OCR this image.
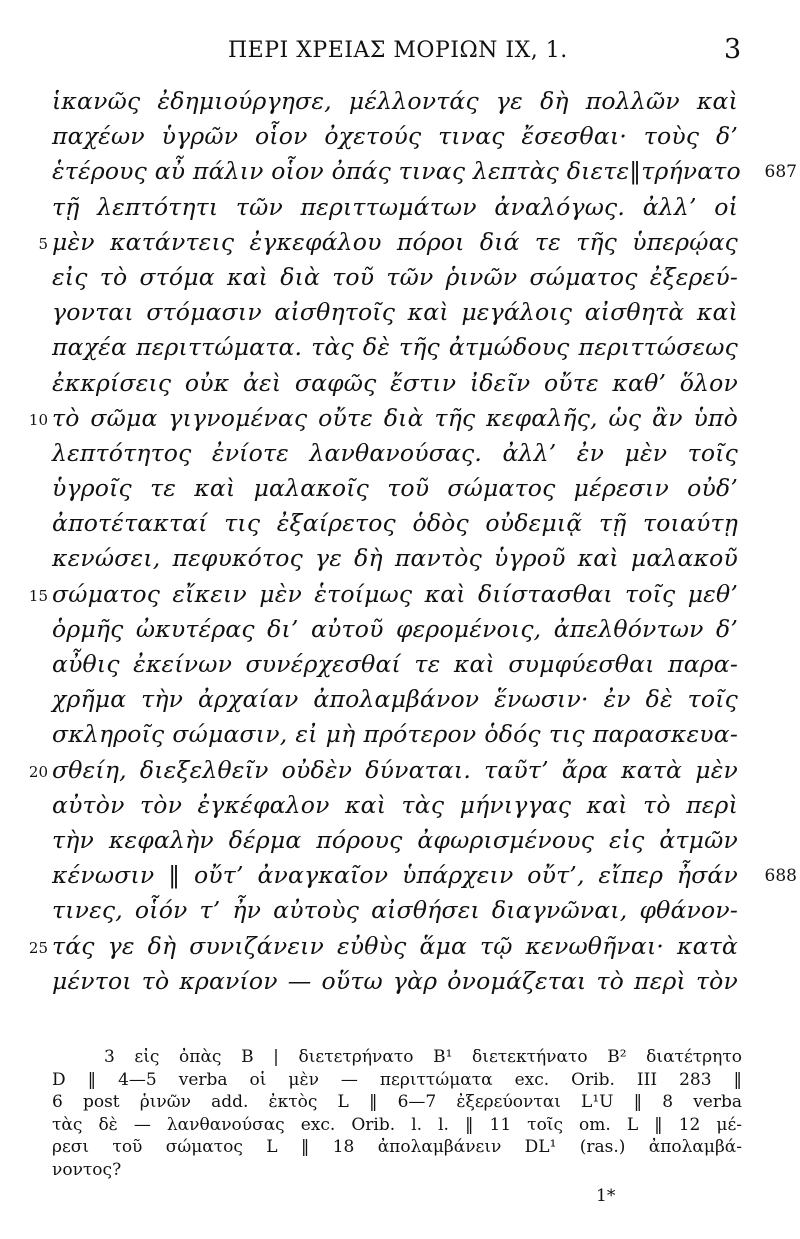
ΠΕΡΙ ΧΡΕΙΑΣ ΜΟΡΙΩΝ IX, 1.	3
ἱκανῶς ἐδημιούργησε, μέλλοντάς γε δὴ πολλῶν καὶ
παχέων ὑγρῶν οἷον ὀχετούς τινας ἔσεσθαι· τοὺς δ’
ἑτέρους αὖ πάλιν οἷον ὀπάς τινας λεπτὰς διετε‖τρήνατο 687
τῇ λεπτότητι τῶν περιττωμάτων ἀναλόγως. ἀλλ’ οἱ
5 μὲν κατάντεις ἐγκεφάλου πόροι διά τε τῆς ὑπερῴας
εἰς τὸ στόμα καὶ διὰ τοῦ τῶν ῥινῶν σώματος ἐξερεύ-
γονται στόμασιν αἰσθητοῖς καὶ μεγάλοις αἰσθητὰ καὶ
παχέα περιττώματα. τὰς δὲ τῆς ἀτμώδους περιττώσεως
ἐκκρίσεις οὐκ ἀεὶ σαφῶς ἔστιν ἰδεῖν οὔτε καθ’ ὅλον
10 τὸ σῶμα γιγνομένας οὔτε διὰ τῆς κεφαλῆς, ὡς ἂν ὑπὸ
λεπτότητος ἐνίοτε λανθανούσας. ἀλλ’ ἐν μὲν τοῖς
ὑγροῖς τε καὶ μαλακοῖς τοῦ σώματος μέρεσιν οὐδ’
ἀποτέτακταί τις ἐξαίρετος ὁδὸς οὐδεμιᾷ τῇ τοιαύτῃ
κενώσει, πεφυκότος γε δὴ παντὸς ὑγροῦ καὶ μαλακοῦ
15 σώματος εἴκειν μὲν ἑτοίμως καὶ διίστασθαι τοῖς μεθ’
ὁρμῆς ὠκυτέρας δι’ αὐτοῦ φερομένοις, ἀπελθόντων δ’
αὖθις ἐκείνων συνέρχεσθαί τε καὶ συμφύεσθαι παρα-
χρῆμα τὴν ἀρχαίαν ἀπολαμβάνον ἕνωσιν· ἐν δὲ τοῖς
σκληροῖς σώμασιν, εἰ μὴ πρότερον ὁδός τις παρασκευα-
20 σθείη, διεξελθεῖν οὐδὲν δύναται. ταῦτ’ ἄρα κατὰ μὲν
αὐτὸν τὸν ἐγκέφαλον καὶ τὰς μήνιγγας καὶ τὸ περὶ
τὴν κεφαλὴν δέρμα πόρους ἀφωρισμένους εἰς ἀτμῶν
κένωσιν ‖ οὔτ’ ἀναγκαῖον ὑπάρχειν οὔτ’, εἴπερ ἦσάν 688
τινες, οἷόν τ’ ἦν αὐτοὺς αἰσθήσει διαγνῶναι, φθάνον-
25 τάς γε δὴ συνιζάνειν εὐθὺς ἅμα τῷ κενωθῆναι· κατὰ
μέντοι τὸ κρανίον — οὕτω γὰρ ὀνομάζεται τὸ περὶ τὸν
3 εἰς ὀπὰς B | διετετρήνατο B¹ διετεκτήνατο B² διατέτρητο
D ‖ 4—5 verba οἱ μὲν — περιττώματα exc. Orib. III 283 ‖
6 post ῥινῶν add. ἐκτὸς L ‖ 6—7 ἐξερεύονται L¹U ‖ 8 verba
τὰς δὲ — λανθανούσας exc. Orib. l. l. ‖ 11 τοῖς om. L ‖ 12 μέ-
ρεσι τοῦ σώματος L ‖ 18 ἀπολαμβάνειν DL¹ (ras.) ἀπολαμβά-
νοντος?
1*
